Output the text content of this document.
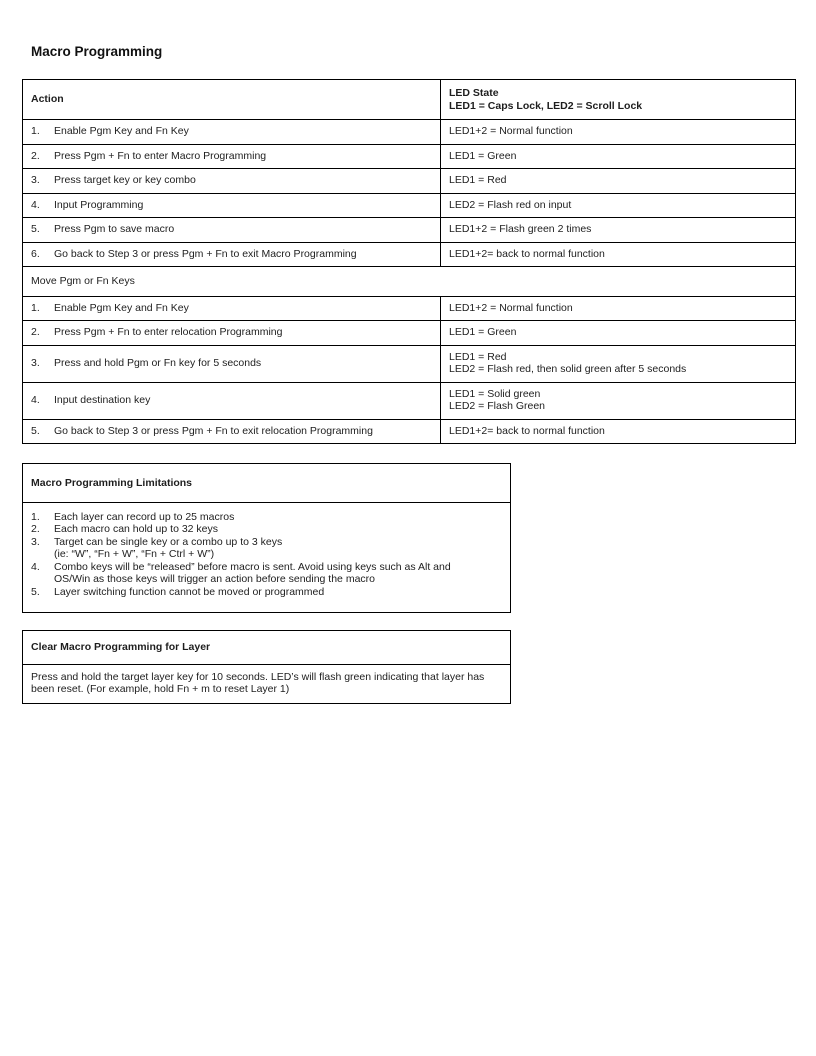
Macro Programming
Action	LED State
LED1 = Caps Lock, LED2 = Scroll Lock

1. Enable Pgm Key and Fn Key	LED1+2 = Normal function

2. Press Pgm + Fn to enter Macro Programming	LED1 = Green

3. Press target key or key combo	LED1 = Red

4. Input Programming	LED2 = Flash red on input

5. Press Pgm to save macro	LED1+2 = Flash green 2 times

6. Go back to Step 3 or press Pgm + Fn to exit Macro Programming	LED1+2= back to normal function

Move Pgm or Fn Keys	
1. Enable Pgm Key and Fn Key	LED1+2 = Normal function

2. Press Pgm + Fn to enter relocation Programming	LED1 = Green

3. Press and hold Pgm or Fn key for 5 seconds	LED1 = Red
LED2 = Flash red, then solid green after 5 seconds

4. Input destination key	LED1 = Solid green
LED2 = Flash Green

5. Go back to Step 3 or press Pgm + Fn to exit relocation Programming	LED1+2= back to normal function
Macro Programming Limitations
1.	Each layer can record up to 25 macros
2.	Each macro can hold up to 32 keys
3.	Target can be single key or a combo up to 3 keys
(ie: “W”, “Fn + W”, “Fn + Ctrl + W”)
4.	Combo keys will be “released” before macro is sent. Avoid using keys such as Alt and
OS/Win as those keys will trigger an action before sending the macro
5.	Layer switching function cannot be moved or programmed
Clear Macro Programming for Layer
Press and hold the target layer key for 10 seconds. LED’s will flash green indicating that layer has
been reset. (For example, hold Fn + m to reset Layer 1)
